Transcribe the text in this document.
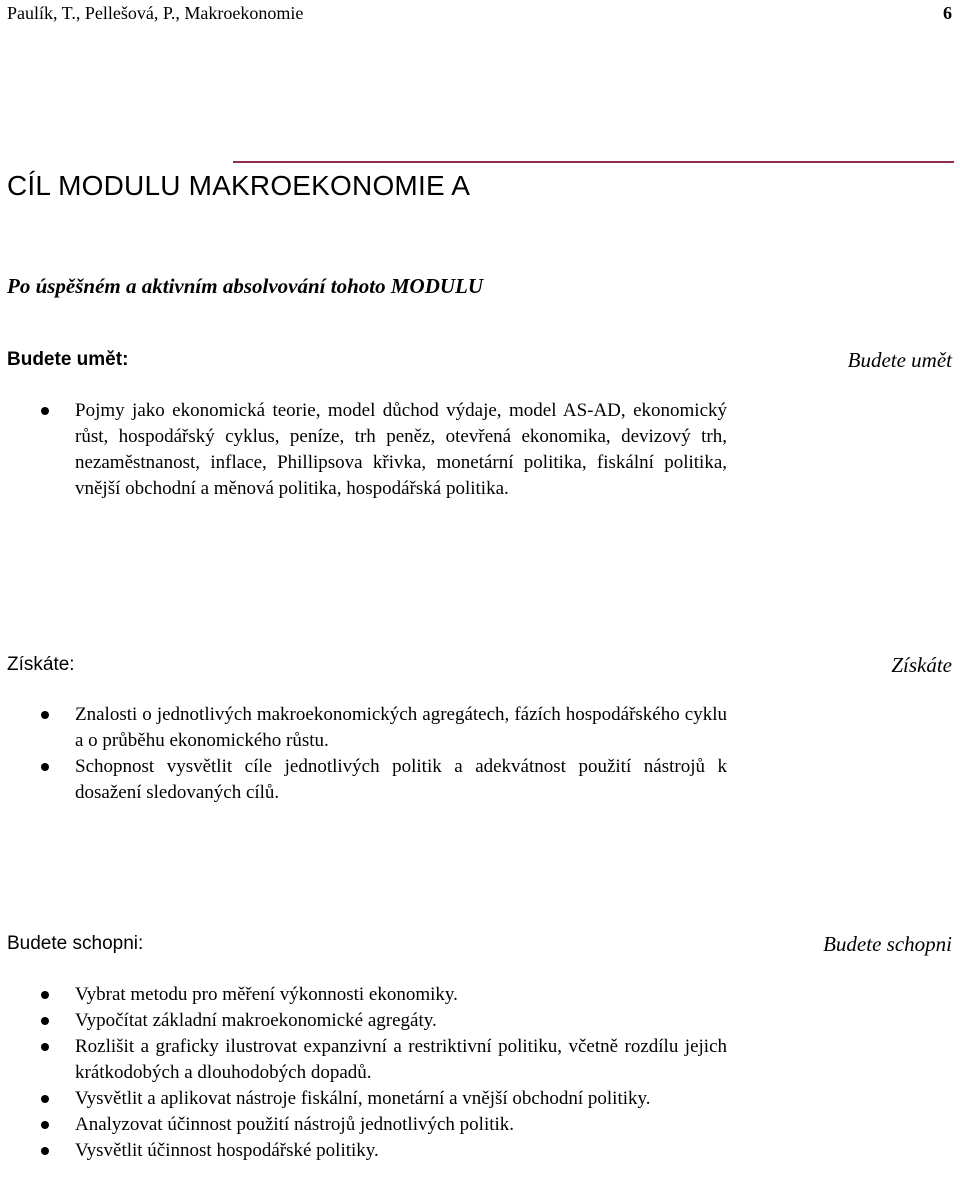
Paulík, T., Pellešová, P., Makroekonomie	6
CÍL MODULU MAKROEKONOMIE A
Po úspěšném a aktivním absolvování tohoto MODULU
Budete umět:	Budete umět
Pojmy jako ekonomická teorie, model důchod výdaje, model AS-AD, ekonomický růst, hospodářský cyklus, peníze, trh peněz, otevřená ekonomika, devizový trh, nezaměstnanost, inflace, Phillipsova křivka, monetární politika, fiskální politika, vnější obchodní a měnová politika, hospodářská politika.
Získáte:	Získáte
Znalosti o jednotlivých makroekonomických agregátech, fázích hospodářského cyklu a o průběhu ekonomického růstu.
Schopnost vysvětlit cíle jednotlivých politik a adekvátnost použití nástrojů k dosažení sledovaných cílů.
Budete schopni:	Budete schopni
Vybrat metodu pro měření výkonnosti ekonomiky.
Vypočítat základní makroekonomické agregáty.
Rozlišit a graficky ilustrovat expanzivní a restriktivní politiku, včetně rozdílu jejich krátkodobých a dlouhodobých dopadů.
Vysvětlit a aplikovat nástroje fiskální, monetární a vnější obchodní politiky.
Analyzovat účinnost použití nástrojů jednotlivých politik.
Vysvětlit účinnost hospodářské politiky.
